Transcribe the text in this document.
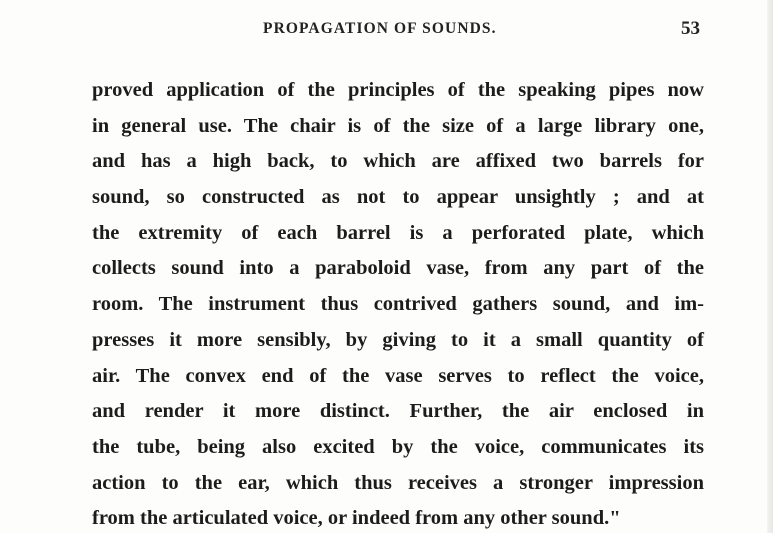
PROPAGATION OF SOUNDS.	53
proved application of the principles of the speaking pipes now
in general use. The chair is of the size of a large library one,
and has a high back, to which are affixed two barrels for
sound, so constructed as not to appear unsightly ; and at
the extremity of each barrel is a perforated plate, which
collects sound into a paraboloid vase, from any part of the
room. The instrument thus contrived gathers sound, and im-
presses it more sensibly, by giving to it a small quantity of
air. The convex end of the vase serves to reflect the voice,
and render it more distinct. Further, the air enclosed in
the tube, being also excited by the voice, communicates its
action to the ear, which thus receives a stronger impression
from the articulated voice, or indeed from any other sound."
